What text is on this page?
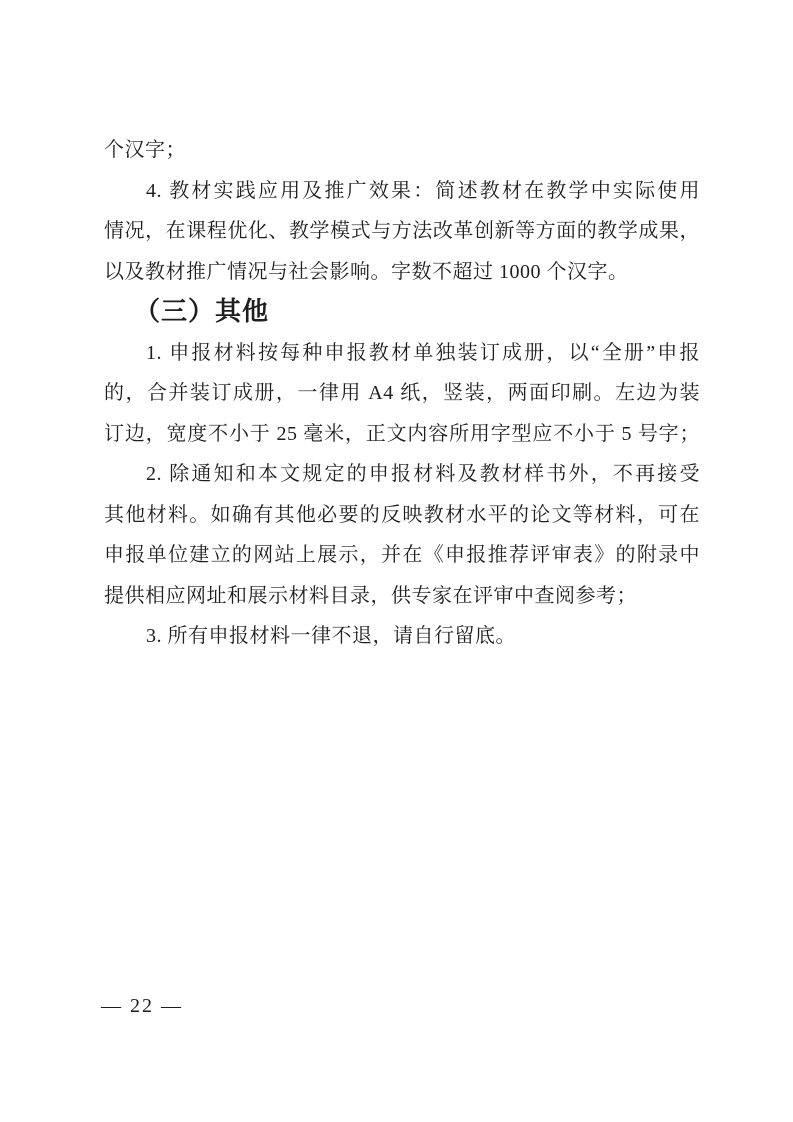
个汉字；
4. 教材实践应用及推广效果：简述教材在教学中实际使用
情况，在课程优化、教学模式与方法改革创新等方面的教学成果，
以及教材推广情况与社会影响。字数不超过 1000 个汉字。
（三）其他
1. 申报材料按每种申报教材单独装订成册，以“全册”申报
的，合并装订成册，一律用 A4 纸，竖装，两面印刷。左边为装
订边，宽度不小于 25 毫米，正文内容所用字型应不小于 5 号字；
2. 除通知和本文规定的申报材料及教材样书外，不再接受
其他材料。如确有其他必要的反映教材水平的论文等材料，可在
申报单位建立的网站上展示，并在《申报推荐评审表》的附录中
提供相应网址和展示材料目录，供专家在评审中查阅参考；
3. 所有申报材料一律不退，请自行留底。
— 22 —
